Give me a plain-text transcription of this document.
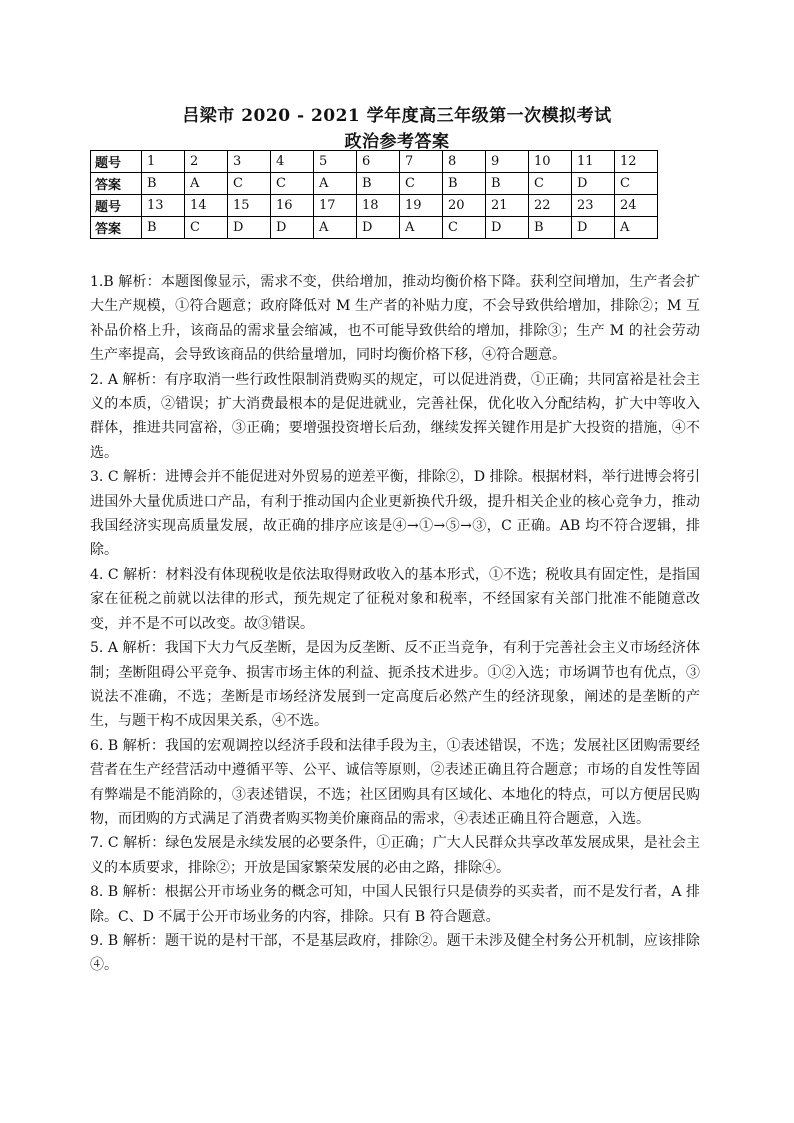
吕梁市 2020 - 2021 学年度高三年级第一次模拟考试
政治参考答案
题号	1	2	3	4	5	6	7	8	9	10	11	12
答案	B	A	C	C	A	B	C	B	B	C	D	C
题号	13	14	15	16	17	18	19	20	21	22	23	24
答案	B	C	D	D	A	D	A	C	D	B	D	A

1.B 解析：本题图像显示，需求不变，供给增加，推动均衡价格下降。获利空间增加，生产者会扩大生产规模，①符合题意；政府降低对 M 生产者的补贴力度，不会导致供给增加，排除②；M 互补品价格上升，该商品的需求量会缩减，也不可能导致供给的增加，排除③；生产 M 的社会劳动生产率提高，会导致该商品的供给量增加，同时均衡价格下移，④符合题意。

2. A 解析：有序取消一些行政性限制消费购买的规定，可以促进消费，①正确；共同富裕是社会主义的本质，②错误；扩大消费最根本的是促进就业，完善社保，优化收入分配结构，扩大中等收入群体，推进共同富裕，③正确；要增强投资增长后劲，继续发挥关键作用是扩大投资的措施，④不选。

3. C 解析：进博会并不能促进对外贸易的逆差平衡，排除②，D 排除。根据材料，举行进博会将引进国外大量优质进口产品，有利于推动国内企业更新换代升级，提升相关企业的核心竞争力，推动我国经济实现高质量发展，故正确的排序应该是④→①→⑤→③，C 正确。AB 均不符合逻辑，排除。

4. C 解析：材料没有体现税收是依法取得财政收入的基本形式，①不选；税收具有固定性，是指国家在征税之前就以法律的形式，预先规定了征税对象和税率，不经国家有关部门批准不能随意改变，并不是不可以改变。故③错误。

5. A 解析：我国下大力气反垄断，是因为反垄断、反不正当竞争，有利于完善社会主义市场经济体制；垄断阻碍公平竞争、损害市场主体的利益、扼杀技术进步。①②入选；市场调节也有优点，③说法不准确，不选；垄断是市场经济发展到一定高度后必然产生的经济现象，阐述的是垄断的产生，与题干构不成因果关系，④不选。

6. B 解析：我国的宏观调控以经济手段和法律手段为主，①表述错误，不选；发展社区团购需要经营者在生产经营活动中遵循平等、公平、诚信等原则，②表述正确且符合题意；市场的自发性等固有弊端是不能消除的，③表述错误，不选；社区团购具有区域化、本地化的特点，可以方便居民购物，而团购的方式满足了消费者购买物美价廉商品的需求，④表述正确且符合题意，入选。

7. C 解析：绿色发展是永续发展的必要条件，①正确；广大人民群众共享改革发展成果，是社会主义的本质要求，排除②；开放是国家繁荣发展的必由之路，排除④。

8. B 解析：根据公开市场业务的概念可知，中国人民银行只是债券的买卖者，而不是发行者，A 排除。C、D 不属于公开市场业务的内容，排除。只有 B 符合题意。

9. B 解析：题干说的是村干部，不是基层政府，排除②。题干未涉及健全村务公开机制，应该排除④。
